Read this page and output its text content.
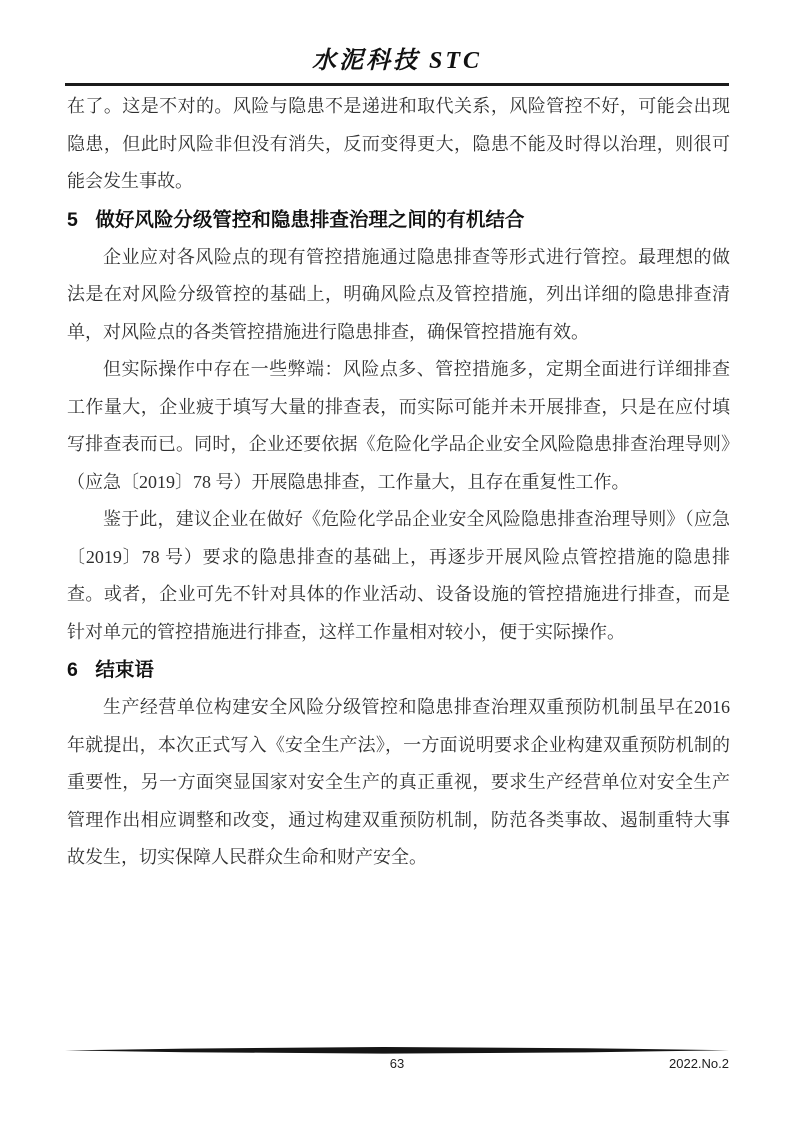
水泥科技 STC

在了。这是不对的。风险与隐患不是递进和取代关系，风险管控不好，可能会出现隐患，但此时风险非但没有消失，反而变得更大，隐患不能及时得以治理，则很可能会发生事故。

5 做好风险分级管控和隐患排查治理之间的有机结合

企业应对各风险点的现有管控措施通过隐患排查等形式进行管控。最理想的做法是在对风险分级管控的基础上，明确风险点及管控措施，列出详细的隐患排查清单，对风险点的各类管控措施进行隐患排查，确保管控措施有效。

但实际操作中存在一些弊端：风险点多、管控措施多，定期全面进行详细排查工作量大，企业疲于填写大量的排查表，而实际可能并未开展排查，只是在应付填写排查表而已。同时，企业还要依据《危险化学品企业安全风险隐患排查治理导则》（应急〔2019〕78 号）开展隐患排查，工作量大，且存在重复性工作。

鉴于此，建议企业在做好《危险化学品企业安全风险隐患排查治理导则》（应急〔2019〕78 号）要求的隐患排查的基础上，再逐步开展风险点管控措施的隐患排查。或者，企业可先不针对具体的作业活动、设备设施的管控措施进行排查，而是针对单元的管控措施进行排查，这样工作量相对较小，便于实际操作。

6 结束语

生产经营单位构建安全风险分级管控和隐患排查治理双重预防机制虽早在2016 年就提出，本次正式写入《安全生产法》，一方面说明要求企业构建双重预防机制的重要性，另一方面突显国家对安全生产的真正重视，要求生产经营单位对安全生产管理作出相应调整和改变，通过构建双重预防机制，防范各类事故、遏制重特大事故发生，切实保障人民群众生命和财产安全。

63	2022.No.2
